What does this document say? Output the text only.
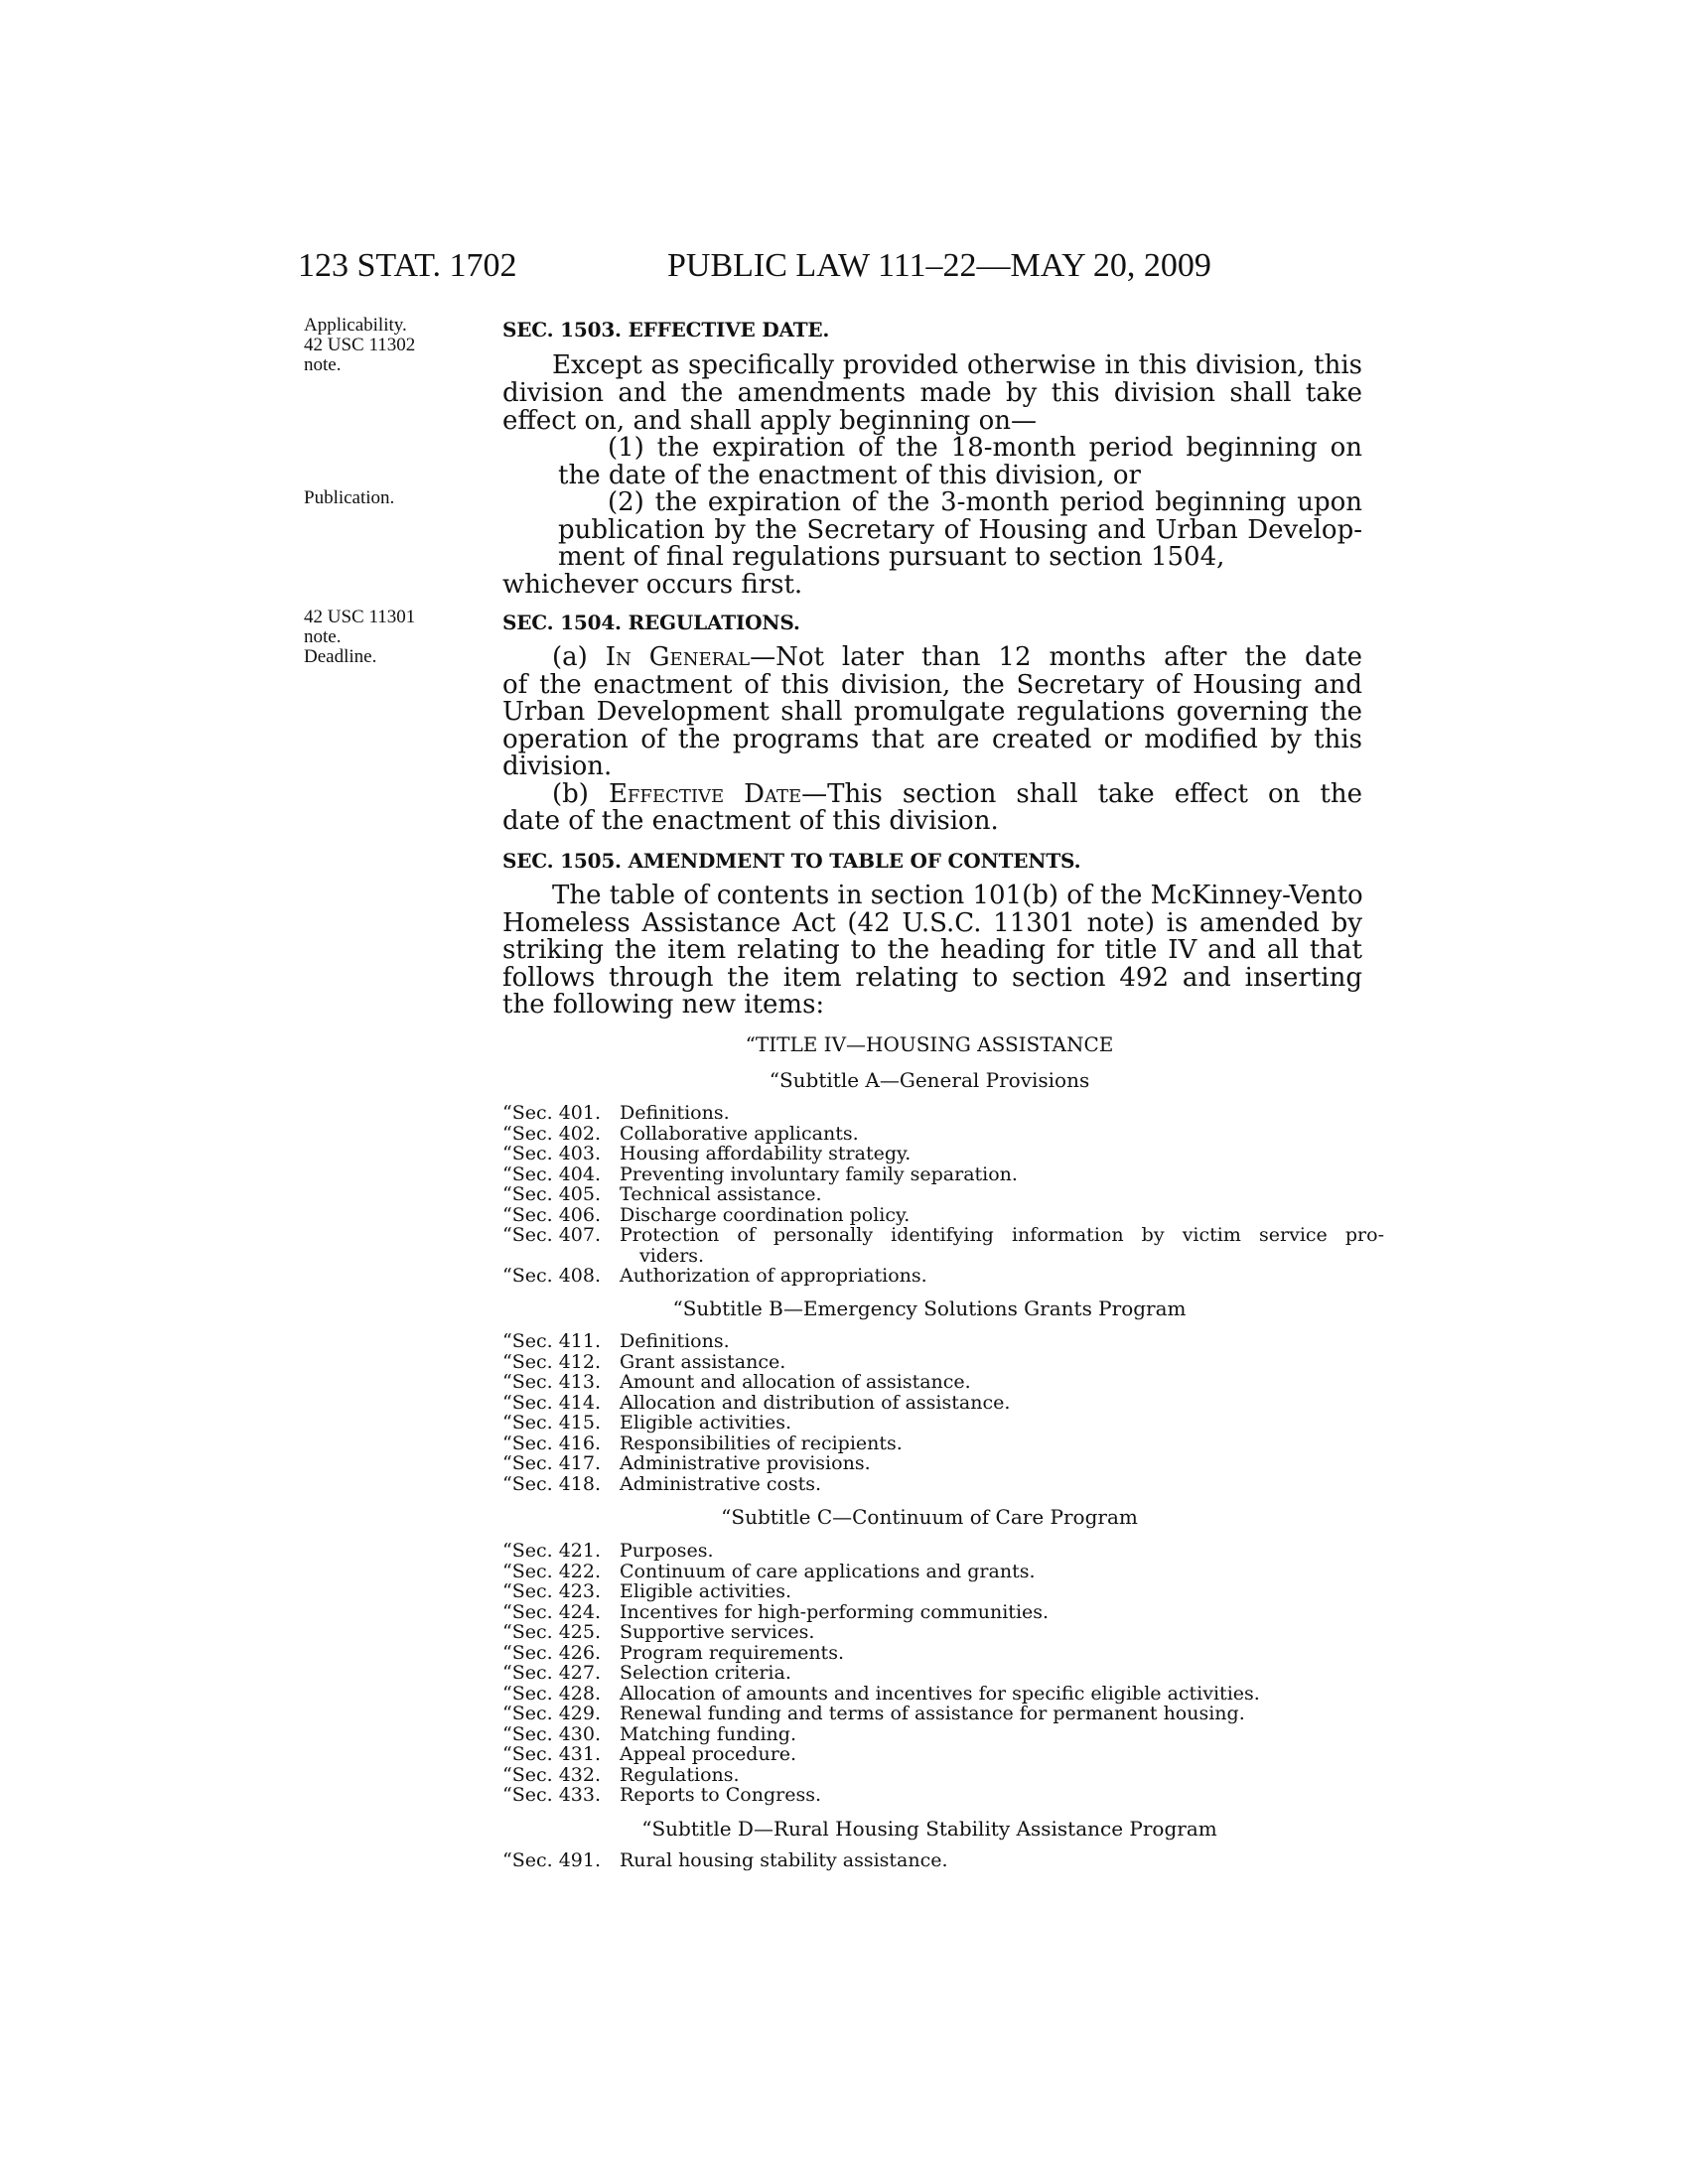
123 STAT. 1702	PUBLIC LAW 111–22—MAY 20, 2009
Applicability.
42 USC 11302
note.
Publication.
42 USC 11301
note.
Deadline.
SEC. 1503. EFFECTIVE DATE.
Except as specifically provided otherwise in this division, this
division and the amendments made by this division shall take
effect on, and shall apply beginning on—
(1) the expiration of the 18-month period beginning on
the date of the enactment of this division, or
(2) the expiration of the 3-month period beginning upon
publication by the Secretary of Housing and Urban Develop-
ment of final regulations pursuant to section 1504,
whichever occurs first.
SEC. 1504. REGULATIONS.
(a) In General—Not later than 12 months after the date
of the enactment of this division, the Secretary of Housing and
Urban Development shall promulgate regulations governing the
operation of the programs that are created or modified by this
division.
(b) Effective Date—This section shall take effect on the
date of the enactment of this division.
SEC. 1505. AMENDMENT TO TABLE OF CONTENTS.
The table of contents in section 101(b) of the McKinney-Vento
Homeless Assistance Act (42 U.S.C. 11301 note) is amended by
striking the item relating to the heading for title IV and all that
follows through the item relating to section 492 and inserting
the following new items:
“TITLE IV—HOUSING ASSISTANCE
“Subtitle A—General Provisions
“Sec. 401. Definitions.
“Sec. 402. Collaborative applicants.
“Sec. 403. Housing affordability strategy.
“Sec. 404. Preventing involuntary family separation.
“Sec. 405. Technical assistance.
“Sec. 406. Discharge coordination policy.
“Sec. 407. Protection of personally identifying information by victim service pro-
viders.
“Sec. 408. Authorization of appropriations.
“Subtitle B—Emergency Solutions Grants Program
“Sec. 411. Definitions.
“Sec. 412. Grant assistance.
“Sec. 413. Amount and allocation of assistance.
“Sec. 414. Allocation and distribution of assistance.
“Sec. 415. Eligible activities.
“Sec. 416. Responsibilities of recipients.
“Sec. 417. Administrative provisions.
“Sec. 418. Administrative costs.
“Subtitle C—Continuum of Care Program
“Sec. 421. Purposes.
“Sec. 422. Continuum of care applications and grants.
“Sec. 423. Eligible activities.
“Sec. 424. Incentives for high-performing communities.
“Sec. 425. Supportive services.
“Sec. 426. Program requirements.
“Sec. 427. Selection criteria.
“Sec. 428. Allocation of amounts and incentives for specific eligible activities.
“Sec. 429. Renewal funding and terms of assistance for permanent housing.
“Sec. 430. Matching funding.
“Sec. 431. Appeal procedure.
“Sec. 432. Regulations.
“Sec. 433. Reports to Congress.
“Subtitle D—Rural Housing Stability Assistance Program
“Sec. 491. Rural housing stability assistance.
